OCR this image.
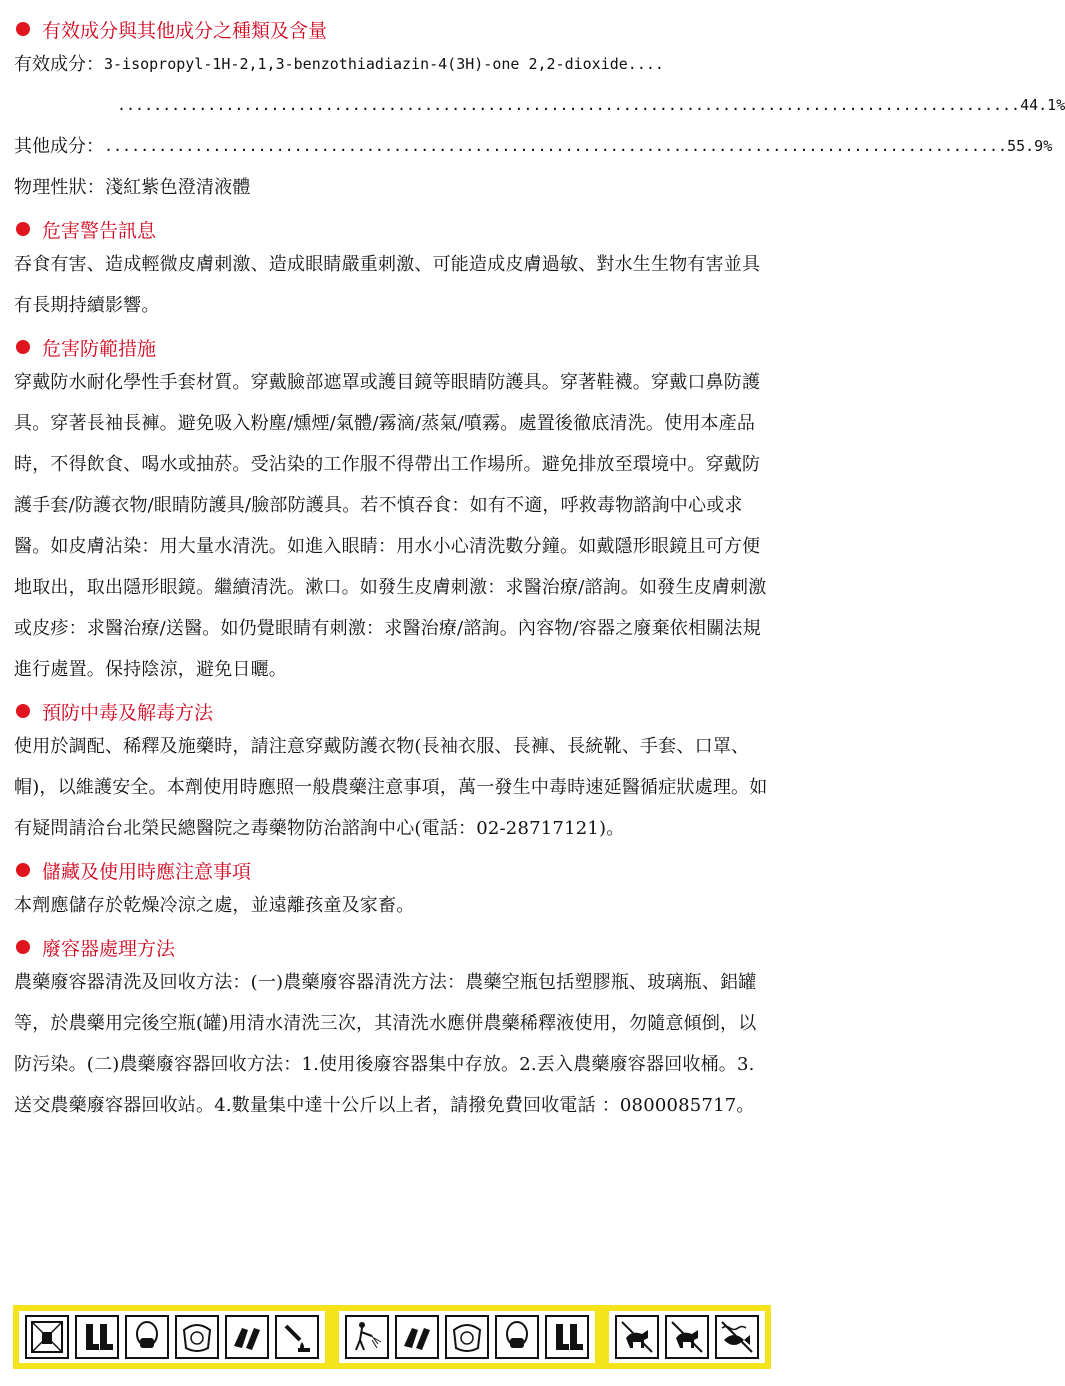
有效成分與其他成分之種類及含量
有效成分： 3-isopropyl-1H-2,1,3-benzothiadiazin-4(3H)-one 2,2-dioxide....
.................................................................................................... 44.1%
其他成分： .................................................................................................... 55.9%
物理性狀：淺紅紫色澄清液體
危害警告訊息
吞食有害、造成輕微皮膚刺激、造成眼睛嚴重刺激、可能造成皮膚過敏、對水生生物有害並具有長期持續影響。
危害防範措施
穿戴防水耐化學性手套材質。穿戴臉部遮罩或護目鏡等眼睛防護具。穿著鞋襪。穿戴口鼻防護具。穿著長袖長褲。避免吸入粉塵/燻煙/氣體/霧滴/蒸氣/噴霧。處置後徹底清洗。使用本產品時，不得飲食、喝水或抽菸。受沾染的工作服不得帶出工作場所。避免排放至環境中。穿戴防護手套/防護衣物/眼睛防護具/臉部防護具。若不慎吞食：如有不適，呼救毒物諮詢中心或求醫。如皮膚沾染：用大量水清洗。如進入眼睛：用水小心清洗數分鐘。如戴隱形眼鏡且可方便地取出，取出隱形眼鏡。繼續清洗。漱口。如發生皮膚刺激：求醫治療/諮詢。如發生皮膚刺激或皮疹：求醫治療/送醫。如仍覺眼睛有刺激：求醫治療/諮詢。內容物/容器之廢棄依相關法規進行處置。保持陰涼，避免日曬。
預防中毒及解毒方法
使用於調配、稀釋及施藥時，請注意穿戴防護衣物(長袖衣服、長褲、長統靴、手套、口罩、帽)，以維護安全。本劑使用時應照一般農藥注意事項，萬一發生中毒時速延醫循症狀處理。如有疑問請洽台北榮民總醫院之毒藥物防治諮詢中心(電話：02-28717121)。
儲藏及使用時應注意事項
本劑應儲存於乾燥冷涼之處，並遠離孩童及家畜。
廢容器處理方法
農藥廢容器清洗及回收方法：(一)農藥廢容器清洗方法：農藥空瓶包括塑膠瓶、玻璃瓶、鋁罐等，於農藥用完後空瓶(罐)用清水清洗三次，其清洗水應併農藥稀釋液使用，勿隨意傾倒，以防污染。(二)農藥廢容器回收方法：1.使用後廢容器集中存放。2.丟入農藥廢容器回收桶。3.送交農藥廢容器回收站。4.數量集中達十公斤以上者，請撥免費回收電話 ：0800085717。
